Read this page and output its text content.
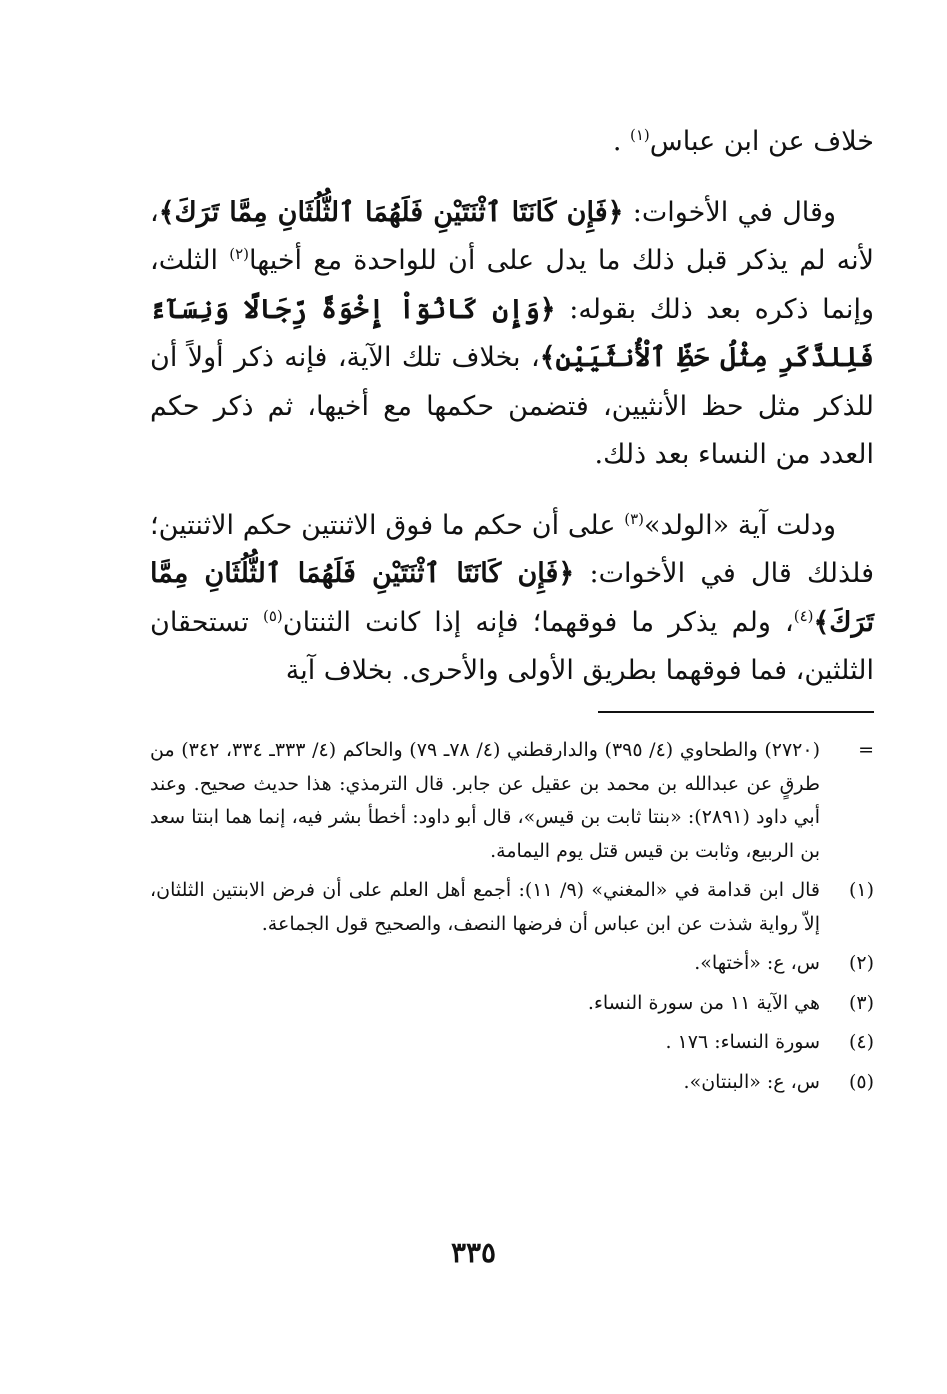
خلاف عن ابن عباس$^{(١)}$ .

وقال في الأخوات: ﴿فَإِن كَانَتَا ٱثْنَتَيْنِ فَلَهُمَا ٱلثُّلُثَانِ مِمَّا تَرَكَ﴾، لأنه لم يذكر قبل ذلك ما يدل على أن للواحدة مع أخيها$^{(٢)}$ الثلث، وإنما ذكره بعد ذلك بقوله: ﴿وَإِن كَانُوٓاْ إِخْوَةً رِّجَالًا وَنِسَآءً فَلِلذَّكَرِ مِثْلُ حَظِّ ٱلْأُنثَيَيْنِ﴾، بخلاف تلك الآية، فإنه ذكر أولاً أن للذكر مثل حظ الأنثيين، فتضمن حكمها مع أخيها، ثم ذكر حكم العدد من النساء بعد ذلك.

ودلت آية «الولد»$^{(٣)}$ على أن حكم ما فوق الاثنتين حكم الاثنتين؛ فلذلك قال في الأخوات: ﴿فَإِن كَانَتَا ٱثْنَتَيْنِ فَلَهُمَا ٱلثُّلُثَانِ مِمَّا تَرَكَ﴾$^{(٤)}$، ولم يذكر ما فوقهما؛ فإنه إذا كانت الثنتان$^{(٥)}$ تستحقان الثلثين، فما فوقهما بطريق الأولى والأحرى. بخلاف آية

=
(٢٧٢٠) والطحاوي (٤/ ٣٩٥) والدارقطني (٤/ ٧٨ـ ٧٩) والحاكم (٤/ ٣٣٣ـ ٣٣٤، ٣٤٢) من طرقٍ عن عبدالله بن محمد بن عقيل عن جابر. قال الترمذي: هذا حديث صحيح. وعند أبي داود (٢٨٩١): «بنتا ثابت بن قيس»، قال أبو داود: أخطأ بشر فيه، إنما هما ابنتا سعد بن الربيع، وثابت بن قيس قتل يوم اليمامة.
(١)
قال ابن قدامة في «المغني» (٩/ ١١): أجمع أهل العلم على أن فرض الابنتين الثلثان، إلاّ رواية شذت عن ابن عباس أن فرضها النصف، والصحيح قول الجماعة.
(٢)
س، ع: «أختها».
(٣)
هي الآية ١١ من سورة النساء.
(٤)
سورة النساء: ١٧٦ .
(٥)
س، ع: «البنتان».
٣٣٥
